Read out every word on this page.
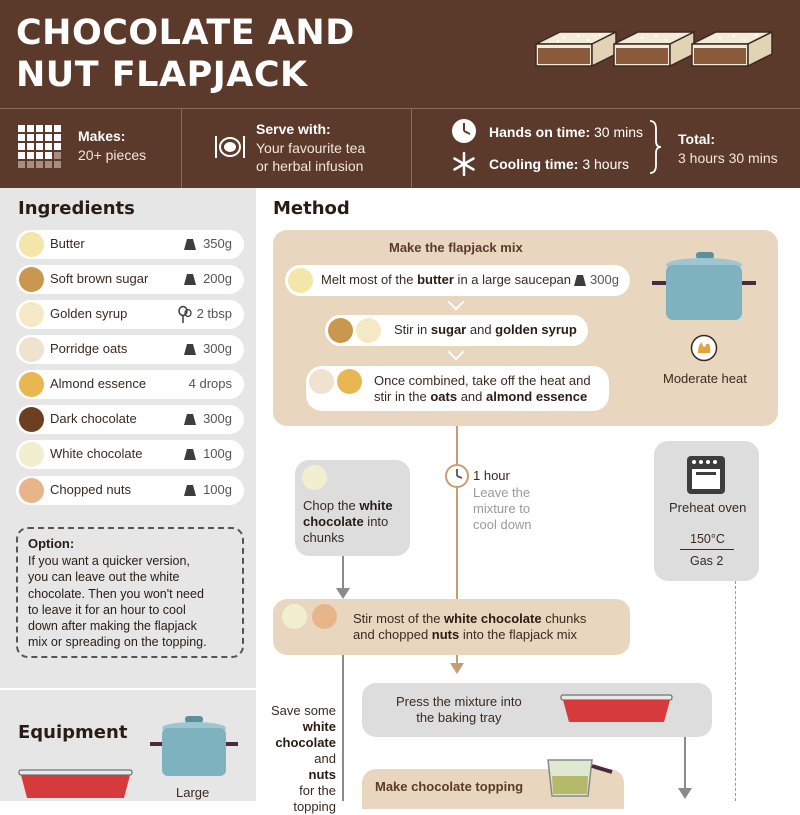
CHOCOLATE AND
NUT FLAPJACK
Makes:
20+ pieces
Serve with:
Your favourite tea
or herbal infusion
Hands on time: 30 mins
Cooling time: 3 hours
Total:
3 hours 30 mins
Ingredients
Butter	350g
Soft brown sugar	200g
Golden syrup	2 tbsp
Porridge oats	300g
Almond essence	4 drops
Dark chocolate	300g
White chocolate	100g
Chopped nuts	100g
Option:
If you want a quicker version,
you can leave out the white
chocolate. Then you won't need
to leave it for an hour to cool
down after making the flapjack
mix or spreading on the topping.
Equipment
Large
Method
Make the flapjack mix
Melt most of the butter in a large saucepan 300g
Stir in sugar and golden syrup
Once combined, take off the heat and
stir in the oats and almond essence
Moderate heat
Chop the white
chocolate into
chunks
1 hour
Leave the
mixture to
cool down
Preheat oven
150°C
Gas 2
Stir most of the white chocolate chunks
and chopped nuts into the flapjack mix
Save some
white
chocolate
and
nuts
for the
topping
Press the mixture into
the baking tray
Make chocolate topping
